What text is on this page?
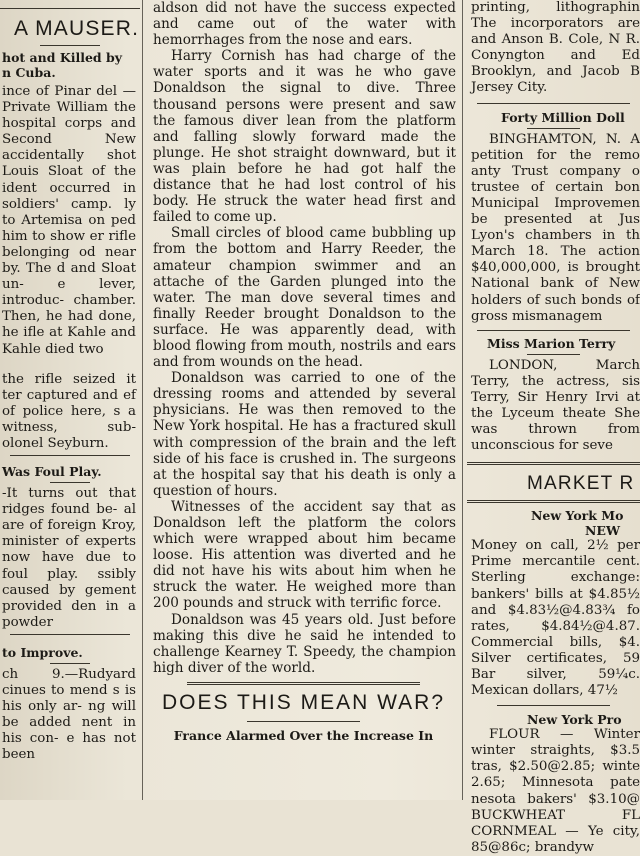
A MAUSER.

hot and Killed by
n Cuba.

ince of Pinar del —Private William the hospital corps and Second New accidentally shot Louis Sloat of the ident occurred in soldiers' camp. ly to Artemisa on ped him to show er rifle belonging od near by. The d and Sloat un- e lever, introduc- chamber. Then, he had done, he ifle at Kahle and Kahle died two

the rifle seized it ter captured and ef of police here, s a witness, sub- olonel Seyburn.

Was Foul Play.

-It turns out that ridges found be- al are of foreign Kroy, minister of experts now have due to foul play. ssibly caused by gement provided den in a powder

to Improve.

ch 9.—Rudyard cinues to mend s is his only ar- ng will be added nent in his con- e has not been

aldson did not have the success expected and came out of the water with hemorrhages from the nose and ears.

Harry Cornish has had charge of the water sports and it was he who gave Donaldson the signal to dive. Three thousand persons were present and saw the famous diver lean from the platform and falling slowly forward made the plunge. He shot straight downward, but it was plain before he had got half the distance that he had lost control of his body. He struck the water head first and failed to come up.

Small circles of blood came bubbling up from the bottom and Harry Reeder, the amateur champion swimmer and an attache of the Garden plunged into the water. The man dove several times and finally Reeder brought Donaldson to the surface. He was apparently dead, with blood flowing from mouth, nostrils and ears and from wounds on the head.

Donaldson was carried to one of the dressing rooms and attended by several physicians. He was then removed to the New York hospital. He has a fractured skull with compression of the brain and the left side of his face is crushed in. The surgeons at the hospital say that his death is only a question of hours.

Witnesses of the accident say that as Donaldson left the platform the colors which were wrapped about him became loose. His attention was diverted and he did not have his wits about him when he struck the water. He weighed more than 200 pounds and struck with terrific force.

Donaldson was 45 years old. Just before making this dive he said he intended to challenge Kearney T. Speedy, the champion high diver of the world.

DOES THIS MEAN WAR?

France Alarmed Over the Increase In

printing, lithographin The incorporators are and Anson B. Cole, N R. Conyngton and Ed Brooklyn, and Jacob B Jersey City.

Forty Million Doll

BINGHAMTON, N. A petition for the remo anty Trust company o trustee of certain bon Municipal Improvemen be presented at Jus Lyon's chambers in th March 18. The action $40,000,000, is brought National bank of New holders of such bonds of gross mismanagem

Miss Marion Terry

LONDON, March Terry, the actress, sis Terry, Sir Henry Irvi at the Lyceum theate She was thrown from unconscious for seve

MARKET R

New York Mo

NEW

Money on call, 2½ per Prime mercantile cent. Sterling exchange: bankers' bills at $4.85½ and $4.83½@4.83¾ fo rates, $4.84½@4.87. Commercial bills, $4. Silver certificates, 59 Bar silver, 59¼c. Mexican dollars, 47½

New York Pro

FLOUR — Winter winter straights, $3.5 tras, $2.50@2.85; winte 2.65; Minnesota pate nesota bakers' $3.10@ BUCKWHEAT FL CORNMEAL — Ye city, 85@86c; brandyw
